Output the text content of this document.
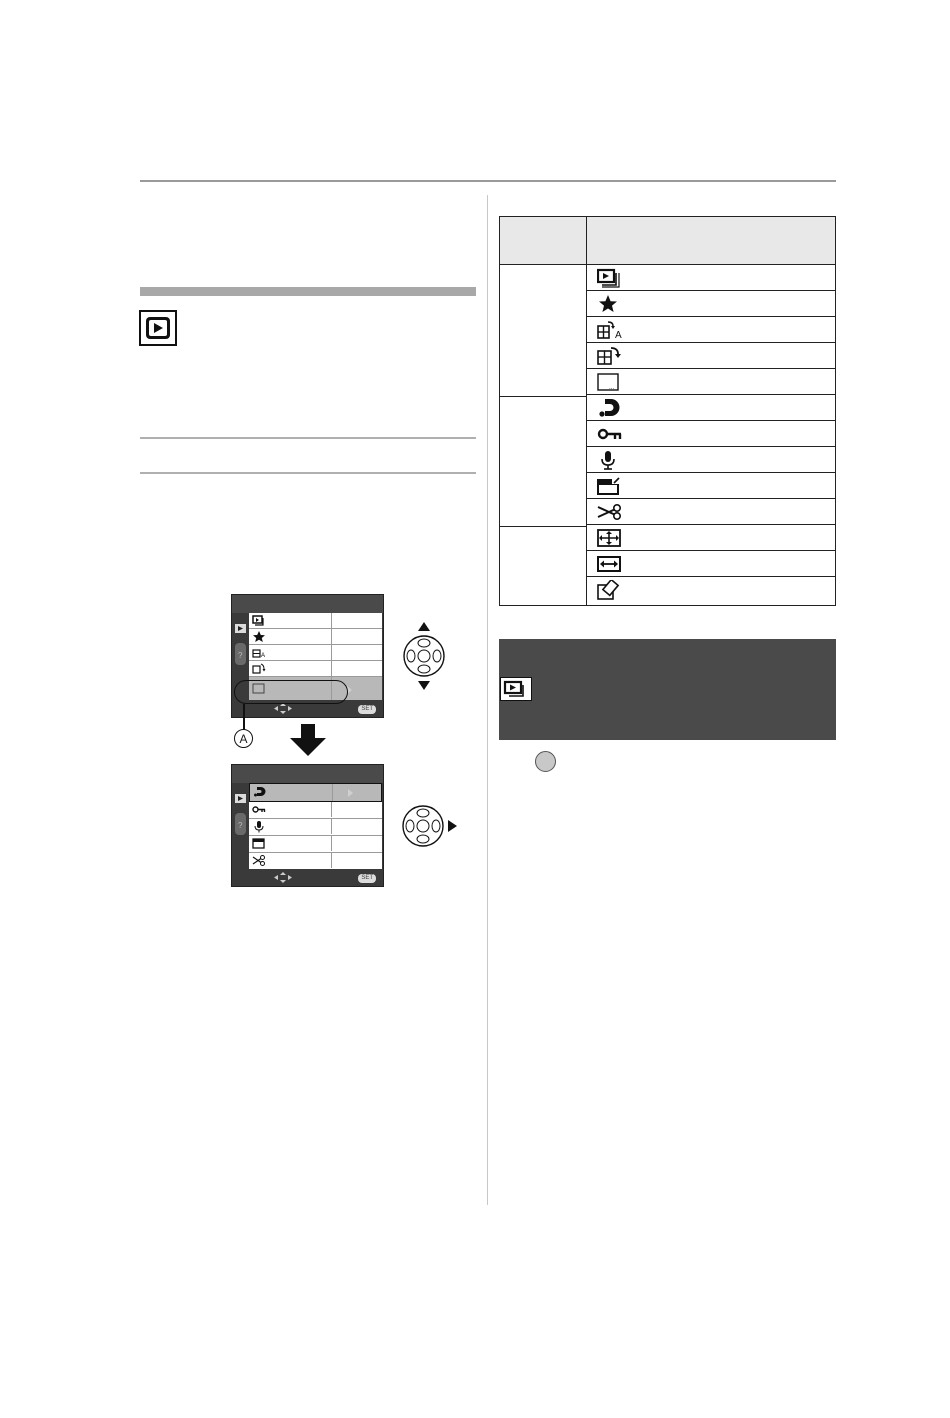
?	A
SET
A
?
SET
A
...
